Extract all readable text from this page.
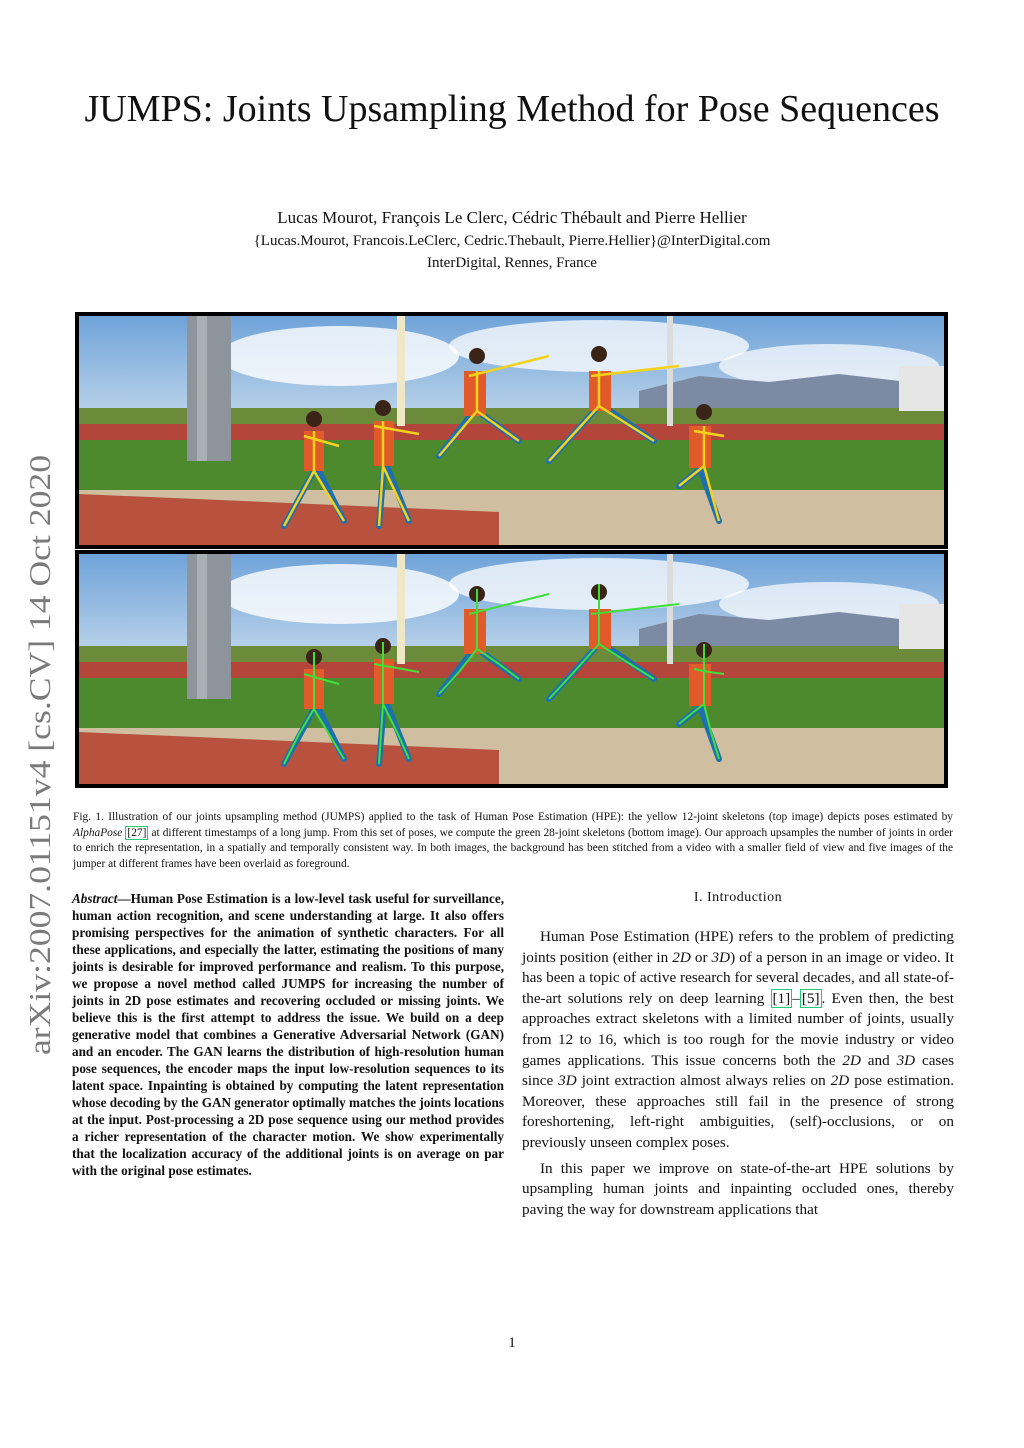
JUMPS: Joints Upsampling Method for Pose Sequences
Lucas Mourot, François Le Clerc, Cédric Thébault and Pierre Hellier
{Lucas.Mourot, Francois.LeClerc, Cedric.Thebault, Pierre.Hellier}@InterDigital.com
InterDigital, Rennes, France
arXiv:2007.01151v4 [cs.CV] 14 Oct 2020 Fig. 1. Illustration of our joints upsampling method (JUMPS) applied to the task of Human Pose Estimation (HPE): the yellow 12-joint skeletons (top image) depicts poses estimated by AlphaPose [27] at different timestamps of a long jump. From this set of poses, we compute the green 28-joint skeletons (bottom image). Our approach upsamples the number of joints in order to enrich the representation, in a spatially and temporally consistent way. In both images, the background has been stitched from a video with a smaller field of view and five images of the jumper at different frames have been overlaid as foreground.
Abstract—Human Pose Estimation is a low-level task useful for surveillance, human action recognition, and scene understanding at large. It also offers promising perspectives for the animation of synthetic characters. For all these applications, and especially the latter, estimating the positions of many joints is desirable for improved performance and realism. To this purpose, we propose a novel method called JUMPS for increasing the number of joints in 2D pose estimates and recovering occluded or missing joints. We believe this is the first attempt to address the issue. We build on a deep generative model that combines a Generative Adversarial Network (GAN) and an encoder. The GAN learns the distribution of high-resolution human pose sequences, the encoder maps the input low-resolution sequences to its latent space. Inpainting is obtained by computing the latent representation whose decoding by the GAN generator optimally matches the joints locations at the input. Post-processing a 2D pose sequence using our method provides a richer representation of the character motion. We show experimentally that the localization accuracy of the additional joints is on average on par with the original pose estimates.
I. Introduction

Human Pose Estimation (HPE) refers to the problem of predicting joints position (either in 2D or 3D) of a person in an image or video. It has been a topic of active research for several decades, and all state-of-the-art solutions rely on deep learning [1] – [5] . Even then, the best approaches extract skeletons with a limited number of joints, usually from 12 to 16, which is too rough for the movie industry or video games applications. This issue concerns both the 2D and 3D cases since 3D joint extraction almost always relies on 2D pose estimation. Moreover, these approaches still fail in the presence of strong foreshortening, left-right ambiguities, (self)-occlusions, or on previously unseen complex poses.

In this paper we improve on state-of-the-art HPE solutions by upsampling human joints and inpainting occluded ones, thereby paving the way for downstream applications that

1
